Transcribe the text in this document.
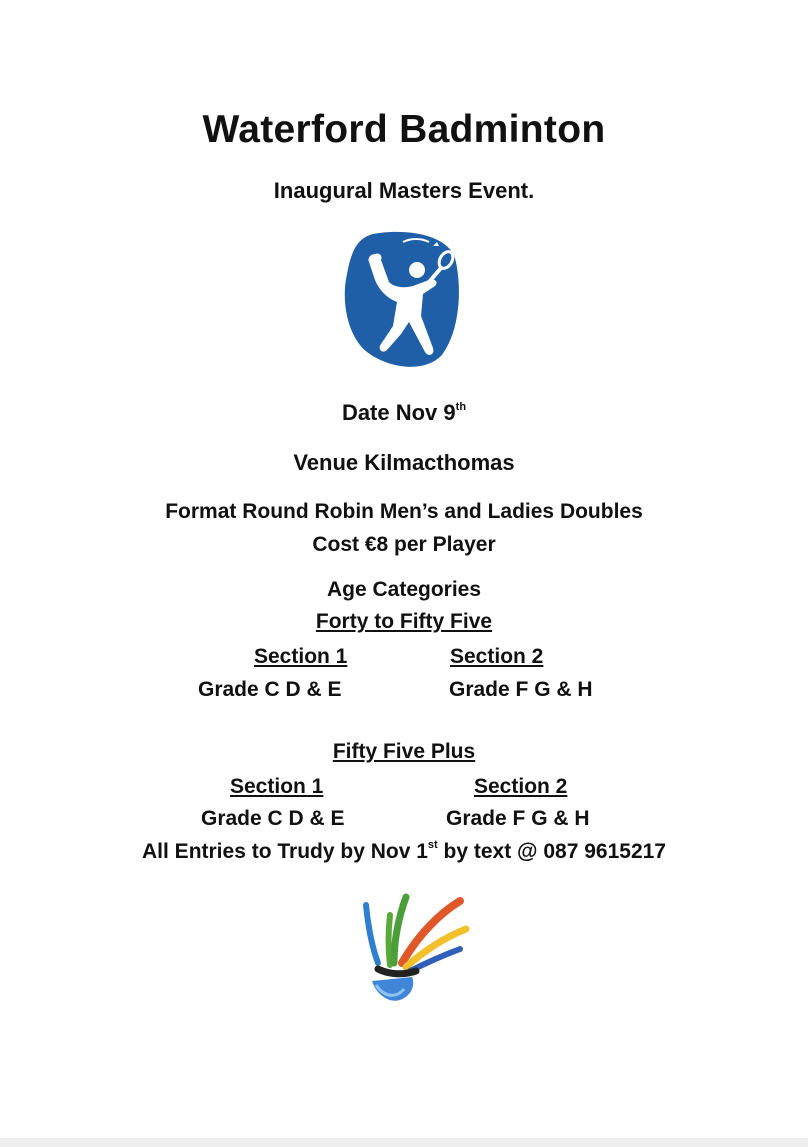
Waterford Badminton
Inaugural Masters Event.
Date Nov 9th
Venue Kilmacthomas
Format Round Robin Men’s and Ladies Doubles
Cost €8 per Player
Age Categories
Forty to Fifty Five
Section 1	Section 2
Grade C D & E	Grade F G & H
Fifty Five Plus
Section 1	Section 2
Grade C D & E	Grade F G & H
All Entries to Trudy by Nov 1st by text @ 087 9615217
